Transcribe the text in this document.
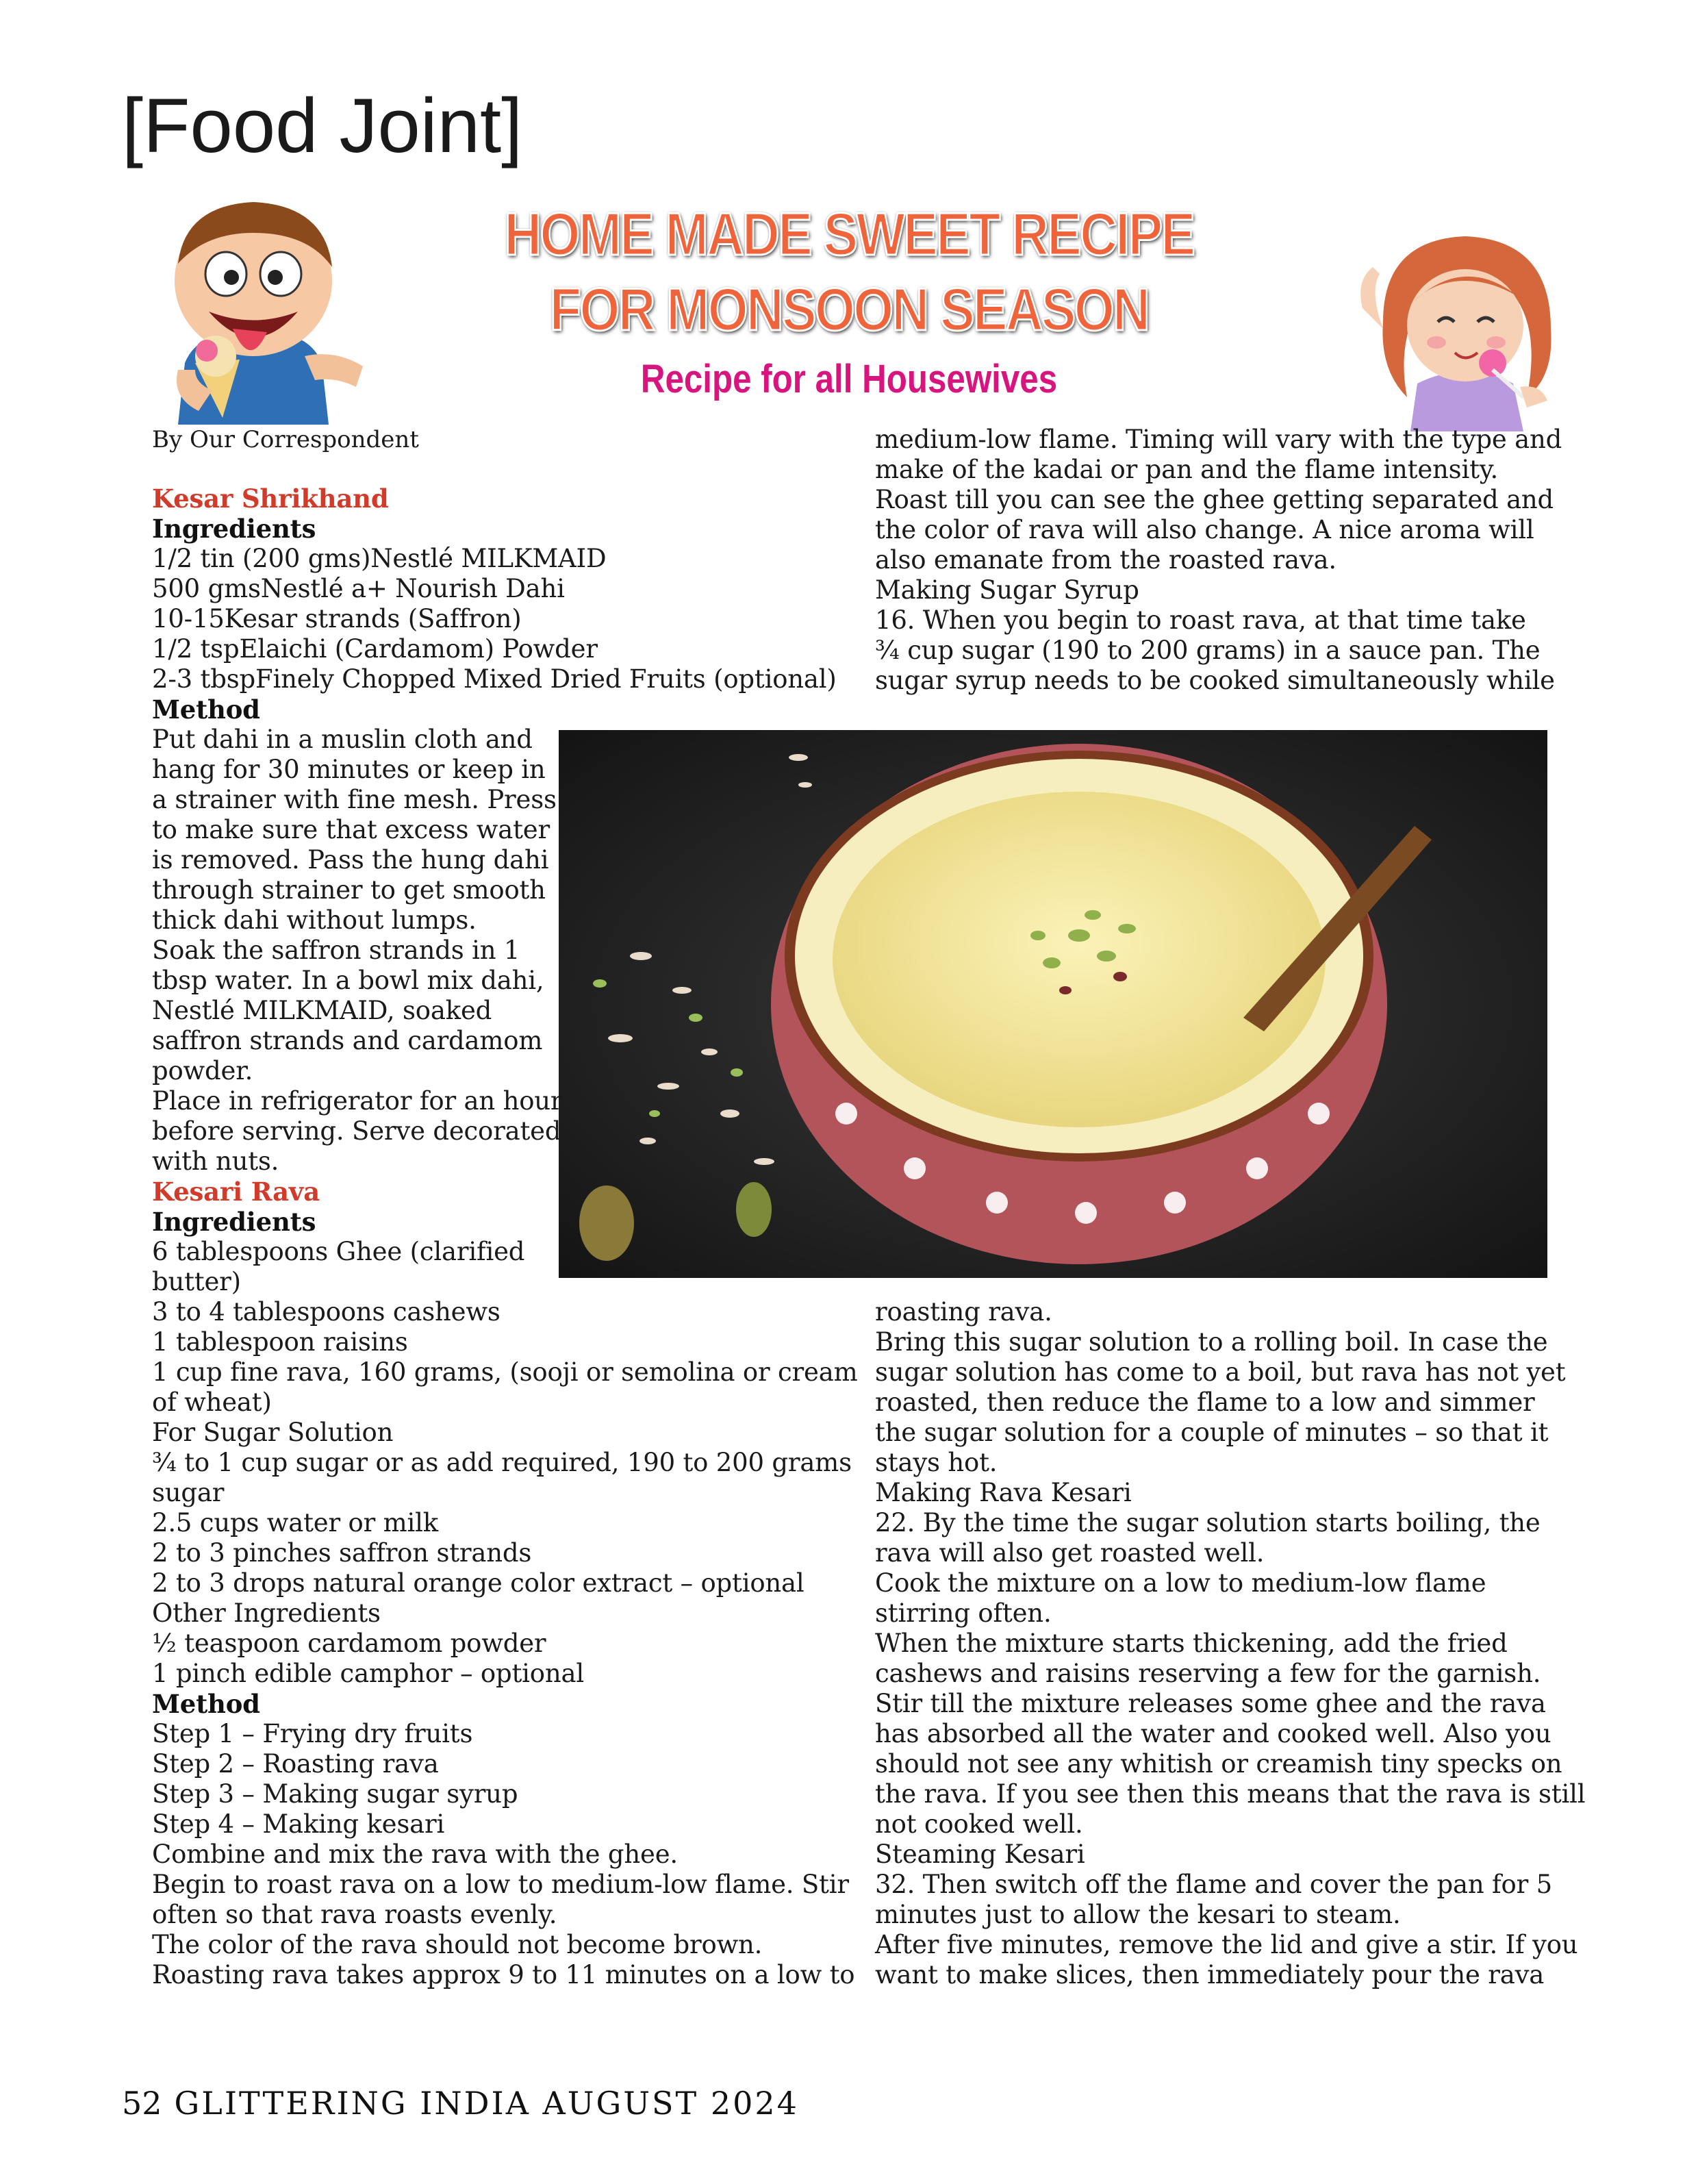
[Food Joint]
HOME MADE SWEET RECIPE
FOR MONSOON SEASON
Recipe for all Housewives
By Our Correspondent
Kesar Shrikhand
Ingredients
1/2 tin (200 gms)Nestlé MILKMAID
500 gmsNestlé a+ Nourish Dahi
10-15Kesar strands (Saffron)
1/2 tspElaichi (Cardamom) Powder
2-3 tbspFinely Chopped Mixed Dried Fruits (optional)
Method
Put dahi in a muslin cloth and
hang for 30 minutes or keep in
a strainer with fine mesh. Press
to make sure that excess water
is removed. Pass the hung dahi
through strainer to get smooth
thick dahi without lumps.
Soak the saffron strands in 1
tbsp water. In a bowl mix dahi,
Nestlé MILKMAID, soaked
saffron strands and cardamom
powder.
Place in refrigerator for an hour
before serving. Serve decorated
with nuts.
Kesari Rava
Ingredients
6 tablespoons Ghee (clarified
butter)
3 to 4 tablespoons cashews
1 tablespoon raisins
1 cup fine rava, 160 grams, (sooji or semolina or cream
of wheat)
For Sugar Solution
¾ to 1 cup sugar or as add required, 190 to 200 grams
sugar
2.5 cups water or milk
2 to 3 pinches saffron strands
2 to 3 drops natural orange color extract – optional
Other Ingredients
½ teaspoon cardamom powder
1 pinch edible camphor – optional
Method
Step 1 – Frying dry fruits
Step 2 – Roasting rava
Step 3 – Making sugar syrup
Step 4 – Making kesari
Combine and mix the rava with the ghee.
Begin to roast rava on a low to medium-low flame. Stir
often so that rava roasts evenly.
The color of the rava should not become brown.
Roasting rava takes approx 9 to 11 minutes on a low to
medium-low flame. Timing will vary with the type and
make of the kadai or pan and the flame intensity.
Roast till you can see the ghee getting separated and
the color of rava will also change. A nice aroma will
also emanate from the roasted rava.
Making Sugar Syrup
16. When you begin to roast rava, at that time take
¾ cup sugar (190 to 200 grams) in a sauce pan. The
sugar syrup needs to be cooked simultaneously while
roasting rava.
Bring this sugar solution to a rolling boil. In case the
sugar solution has come to a boil, but rava has not yet
roasted, then reduce the flame to a low and simmer
the sugar solution for a couple of minutes – so that it
stays hot.
Making Rava Kesari
22. By the time the sugar solution starts boiling, the
rava will also get roasted well.
Cook the mixture on a low to medium-low flame
stirring often.
When the mixture starts thickening, add the fried
cashews and raisins reserving a few for the garnish.
Stir till the mixture releases some ghee and the rava
has absorbed all the water and cooked well. Also you
should not see any whitish or creamish tiny specks on
the rava. If you see then this means that the rava is still
not cooked well.
Steaming Kesari
32. Then switch off the flame and cover the pan for 5
minutes just to allow the kesari to steam.
After five minutes, remove the lid and give a stir. If you
want to make slices, then immediately pour the rava
52 GLITTERING INDIA AUGUST 2024
